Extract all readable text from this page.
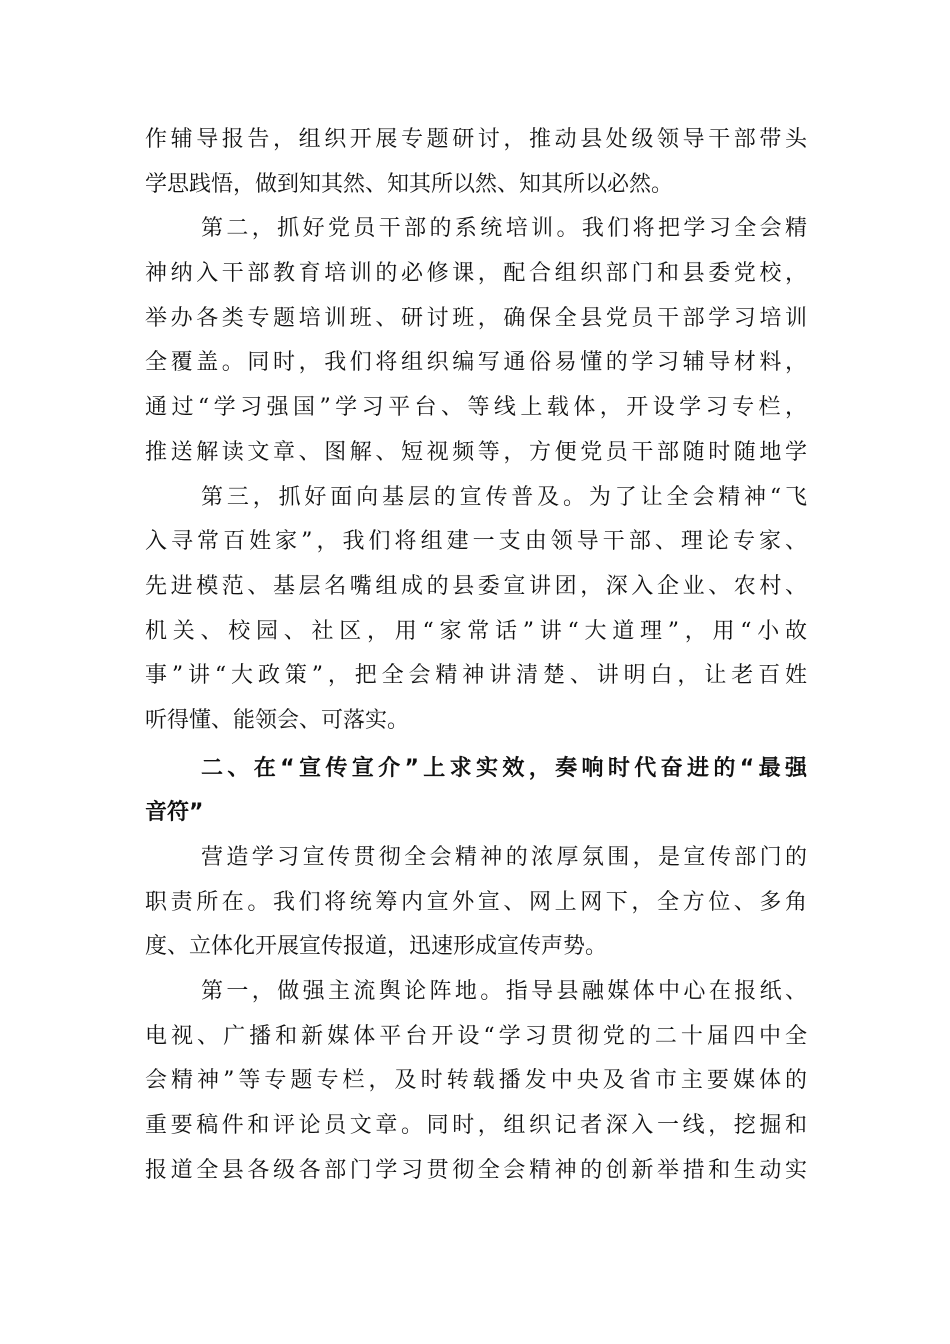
作辅导报告，组织开展专题研讨，推动县处级领导干部带头
学思践悟，做到知其然、知其所以然、知其所以必然。
第二，抓好党员干部的系统培训。我们将把学习全会精
神纳入干部教育培训的必修课，配合组织部门和县委党校，
举办各类专题培训班、研讨班，确保全县党员干部学习培训
全覆盖。同时，我们将组织编写通俗易懂的学习辅导材料，
通过“学习强国”学习平台、等线上载体，开设学习专栏，
推送解读文章、图解、短视频等，方便党员干部随时随地学
第三，抓好面向基层的宣传普及。为了让全会精神“飞
入寻常百姓家”，我们将组建一支由领导干部、理论专家、
先进模范、基层名嘴组成的县委宣讲团，深入企业、农村、
机关、校园、社区，用“家常话”讲“大道理”，用“小故
事”讲“大政策”，把全会精神讲清楚、讲明白，让老百姓
听得懂、能领会、可落实。
二、在“宣传宣介”上求实效，奏响时代奋进的“最强
音符”
营造学习宣传贯彻全会精神的浓厚氛围，是宣传部门的
职责所在。我们将统筹内宣外宣、网上网下，全方位、多角
度、立体化开展宣传报道，迅速形成宣传声势。
第一，做强主流舆论阵地。指导县融媒体中心在报纸、
电视、广播和新媒体平台开设“学习贯彻党的二十届四中全
会精神”等专题专栏，及时转载播发中央及省市主要媒体的
重要稿件和评论员文章。同时，组织记者深入一线，挖掘和
报道全县各级各部门学习贯彻全会精神的创新举措和生动实
